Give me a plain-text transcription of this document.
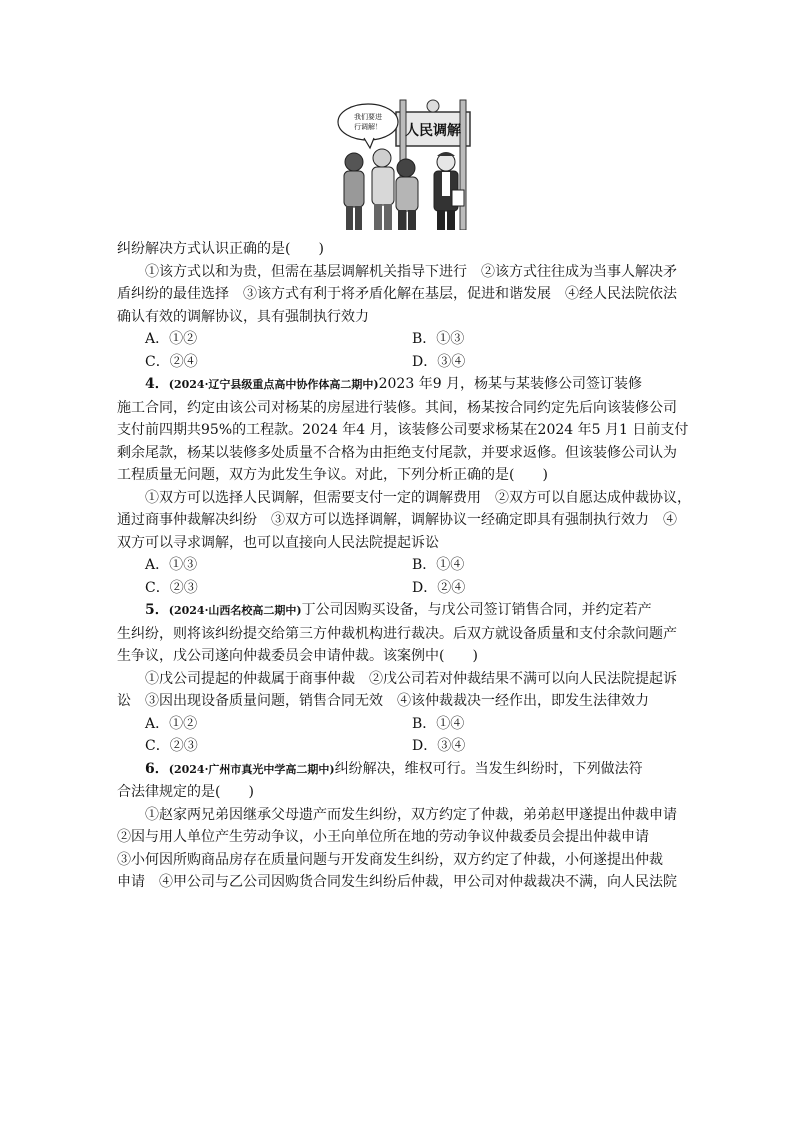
人民调解
我们要进
行调解！

纠纷解决方式认识正确的是(　　)

①该方式以和为贵，但需在基层调解机关指导下进行　②该方式往往成为当事人解决矛

盾纠纷的最佳选择　③该方式有利于将矛盾化解在基层，促进和谐发展　④经人民法院依法

确认有效的调解协议，具有强制执行效力

A．①②	B．①③
C．②④	D．③④

4．(2024·辽宁县级重点高中协作体高二期中)2023 年9 月，杨某与某装修公司签订装修

施工合同，约定由该公司对杨某的房屋进行装修。其间，杨某按合同约定先后向该装修公司

支付前四期共95%的工程款。2024 年4 月，该装修公司要求杨某在2024 年5 月1 日前支付

剩余尾款，杨某以装修多处质量不合格为由拒绝支付尾款，并要求返修。但该装修公司认为

工程质量无问题，双方为此发生争议。对此，下列分析正确的是(　　)

①双方可以选择人民调解，但需要支付一定的调解费用　②双方可以自愿达成仲裁协议，

通过商事仲裁解决纠纷　③双方可以选择调解，调解协议一经确定即具有强制执行效力　④

双方可以寻求调解，也可以直接向人民法院提起诉讼

A．①③	B．①④
C．②③	D．②④

5．(2024·山西名校高二期中)丁公司因购买设备，与戊公司签订销售合同，并约定若产

生纠纷，则将该纠纷提交给第三方仲裁机构进行裁决。后双方就设备质量和支付余款问题产

生争议，戊公司遂向仲裁委员会申请仲裁。该案例中(　　)

①戊公司提起的仲裁属于商事仲裁　②戊公司若对仲裁结果不满可以向人民法院提起诉

讼　③因出现设备质量问题，销售合同无效　④该仲裁裁决一经作出，即发生法律效力

A．①②	B．①④
C．②③	D．③④

6．(2024·广州市真光中学高二期中)纠纷解决，维权可行。当发生纠纷时，下列做法符

合法律规定的是(　　)

①赵家两兄弟因继承父母遗产而发生纠纷，双方约定了仲裁，弟弟赵甲遂提出仲裁申请

②因与用人单位产生劳动争议，小王向单位所在地的劳动争议仲裁委员会提出仲裁申请

③小何因所购商品房存在质量问题与开发商发生纠纷，双方约定了仲裁，小何遂提出仲裁

申请　④甲公司与乙公司因购货合同发生纠纷后仲裁，甲公司对仲裁裁决不满，向人民法院
